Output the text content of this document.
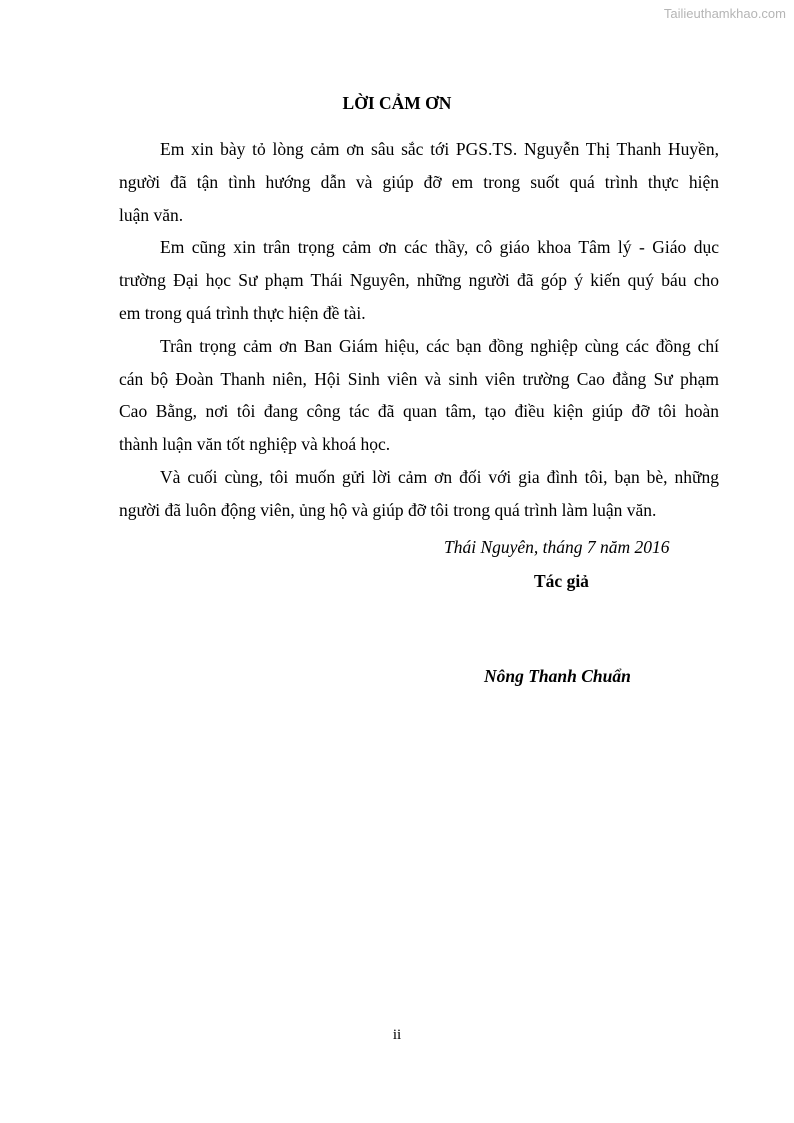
Tailieuthamkhao.com
LỜI CẢM ƠN
Em xin bày tỏ lòng cảm ơn sâu sắc tới PGS.TS. Nguyễn Thị Thanh Huyền,
người đã tận tình hướng dẫn và giúp đỡ em trong suốt quá trình thực hiện
luận văn.
Em cũng xin trân trọng cảm ơn các thầy, cô giáo khoa Tâm lý - Giáo dục
trường Đại học Sư phạm Thái Nguyên, những người đã góp ý kiến quý báu cho
em trong quá trình thực hiện đề tài.
Trân trọng cảm ơn Ban Giám hiệu, các bạn đồng nghiệp cùng các đồng chí
cán bộ Đoàn Thanh niên, Hội Sinh viên và sinh viên trường Cao đẳng Sư phạm
Cao Bằng, nơi tôi đang công tác đã quan tâm, tạo điều kiện giúp đỡ tôi hoàn
thành luận văn tốt nghiệp và khoá học.
Và cuối cùng, tôi muốn gửi lời cảm ơn đối với gia đình tôi, bạn bè, những
người đã luôn động viên, ủng hộ và giúp đỡ tôi trong quá trình làm luận văn.
Thái Nguyên, tháng 7 năm 2016
Tác giả
Nông Thanh Chuẩn
ii
